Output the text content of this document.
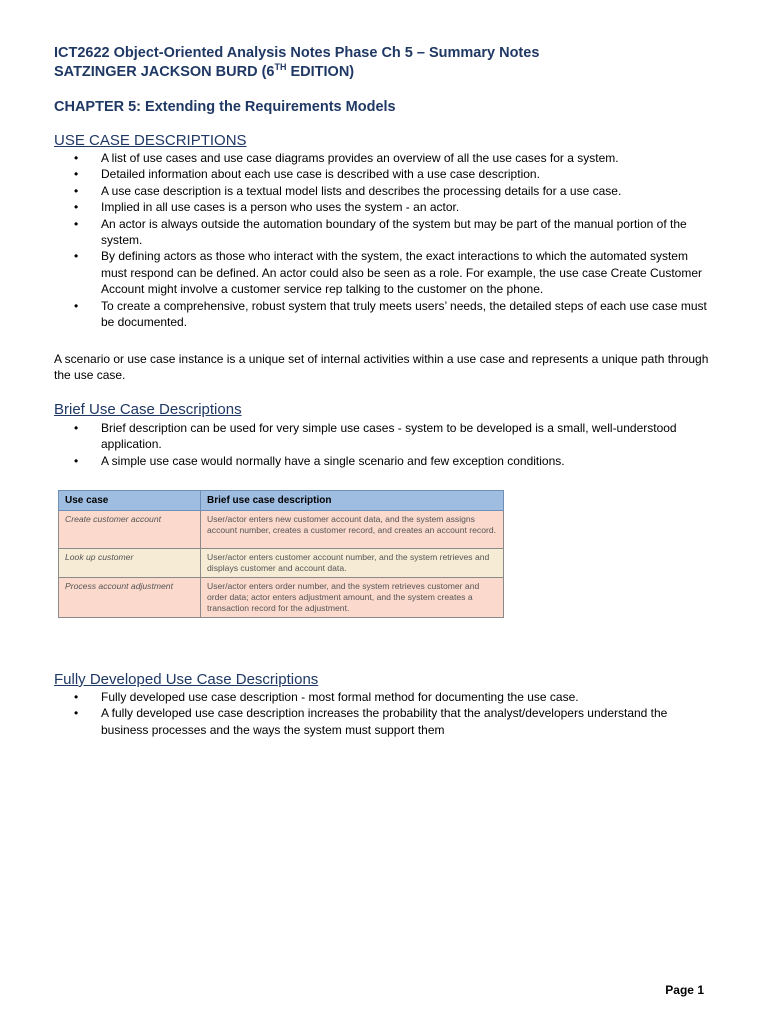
ICT2622 Object-Oriented Analysis Notes Phase Ch 5 – Summary Notes
SATZINGER JACKSON BURD (6TH EDITION)
CHAPTER 5: Extending the Requirements Models
USE CASE DESCRIPTIONS
• A list of use cases and use case diagrams provides an overview of all the use cases for a system.
• Detailed information about each use case is described with a use case description.
• A use case description is a textual model lists and describes the processing details for a use case.
• Implied in all use cases is a person who uses the system - an actor.
• An actor is always outside the automation boundary of the system but may be part of the manual portion of the system.
• By defining actors as those who interact with the system, the exact interactions to which the automated system must respond can be defined. An actor could also be seen as a role. For example, the use case Create Customer Account might involve a customer service rep talking to the customer on the phone.
• To create a comprehensive, robust system that truly meets users’ needs, the detailed steps of each use case must be documented.
A scenario or use case instance is a unique set of internal activities within a use case and represents a unique path through the use case.
Brief Use Case Descriptions
• Brief description can be used for very simple use cases - system to be developed is a small, well-understood application.
• A simple use case would normally have a single scenario and few exception conditions.
Use case	Brief use case description
Create customer account	User/actor enters new customer account data, and the system assigns account number, creates a customer record, and creates an account record.
Look up customer	User/actor enters customer account number, and the system retrieves and displays customer and account data.
Process account adjustment	User/actor enters order number, and the system retrieves customer and order data; actor enters adjustment amount, and the system creates a transaction record for the adjustment.
Fully Developed Use Case Descriptions
• Fully developed use case description - most formal method for documenting the use case.
• A fully developed use case description increases the probability that the analyst/developers understand the business processes and the ways the system must support them
Page 1
